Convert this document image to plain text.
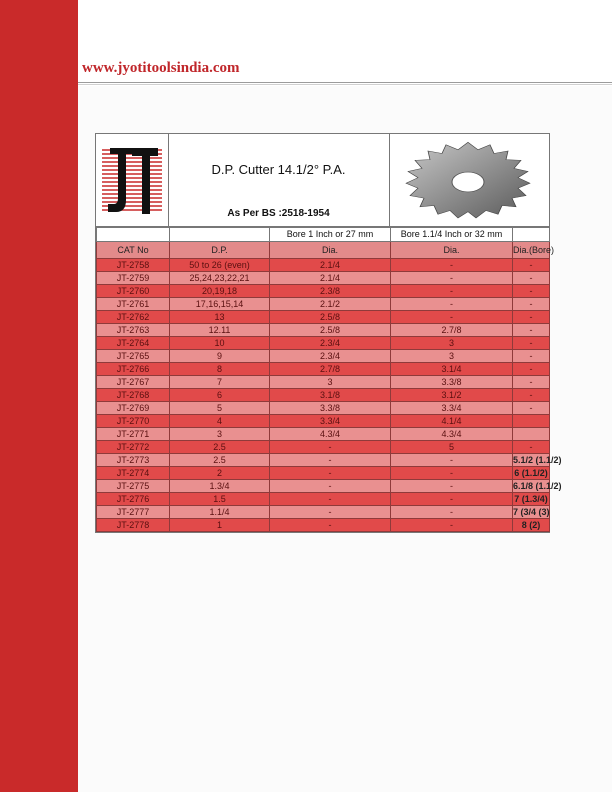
www.jyotitoolsindia.com
D.P. Cutter 14.1/2° P.A.
As Per BS :2518-1954
		Bore 1 Inch or 27 mm	Bore 1.1/4 Inch or 32 mm	
CAT No	D.P.	Dia.	Dia.	Dia.(Bore)
JT-2758	50 to 26 (even)	2.1/4	-	-
JT-2759	25,24,23,22,21	2.1/4	-	-
JT-2760	20,19,18	2.3/8	-	-
JT-2761	17,16,15,14	2.1/2	-	-
JT-2762	13	2.5/8	-	-
JT-2763	12.11	2.5/8	2.7/8	-
JT-2764	10	2.3/4	3	-
JT-2765	9	2.3/4	3	-
JT-2766	8	2.7/8	3.1/4	-
JT-2767	7	3	3.3/8	-
JT-2768	6	3.1/8	3.1/2	-
JT-2769	5	3.3/8	3.3/4	-
JT-2770	4	3.3/4	4.1/4	
JT-2771	3	4.3/4	4.3/4	
JT-2772	2.5	-	5	-
JT-2773	2.5	-	-	5.1/2 (1.1/2)
JT-2774	2	-	-	6 (1.1/2)
JT-2775	1.3/4	-	-	6.1/8 (1.1/2)
JT-2776	1.5	-	-	7 (1.3/4)
JT-2777	1.1/4	-	-	7 (3/4 (3)
JT-2778	1	-	-	8 (2)
